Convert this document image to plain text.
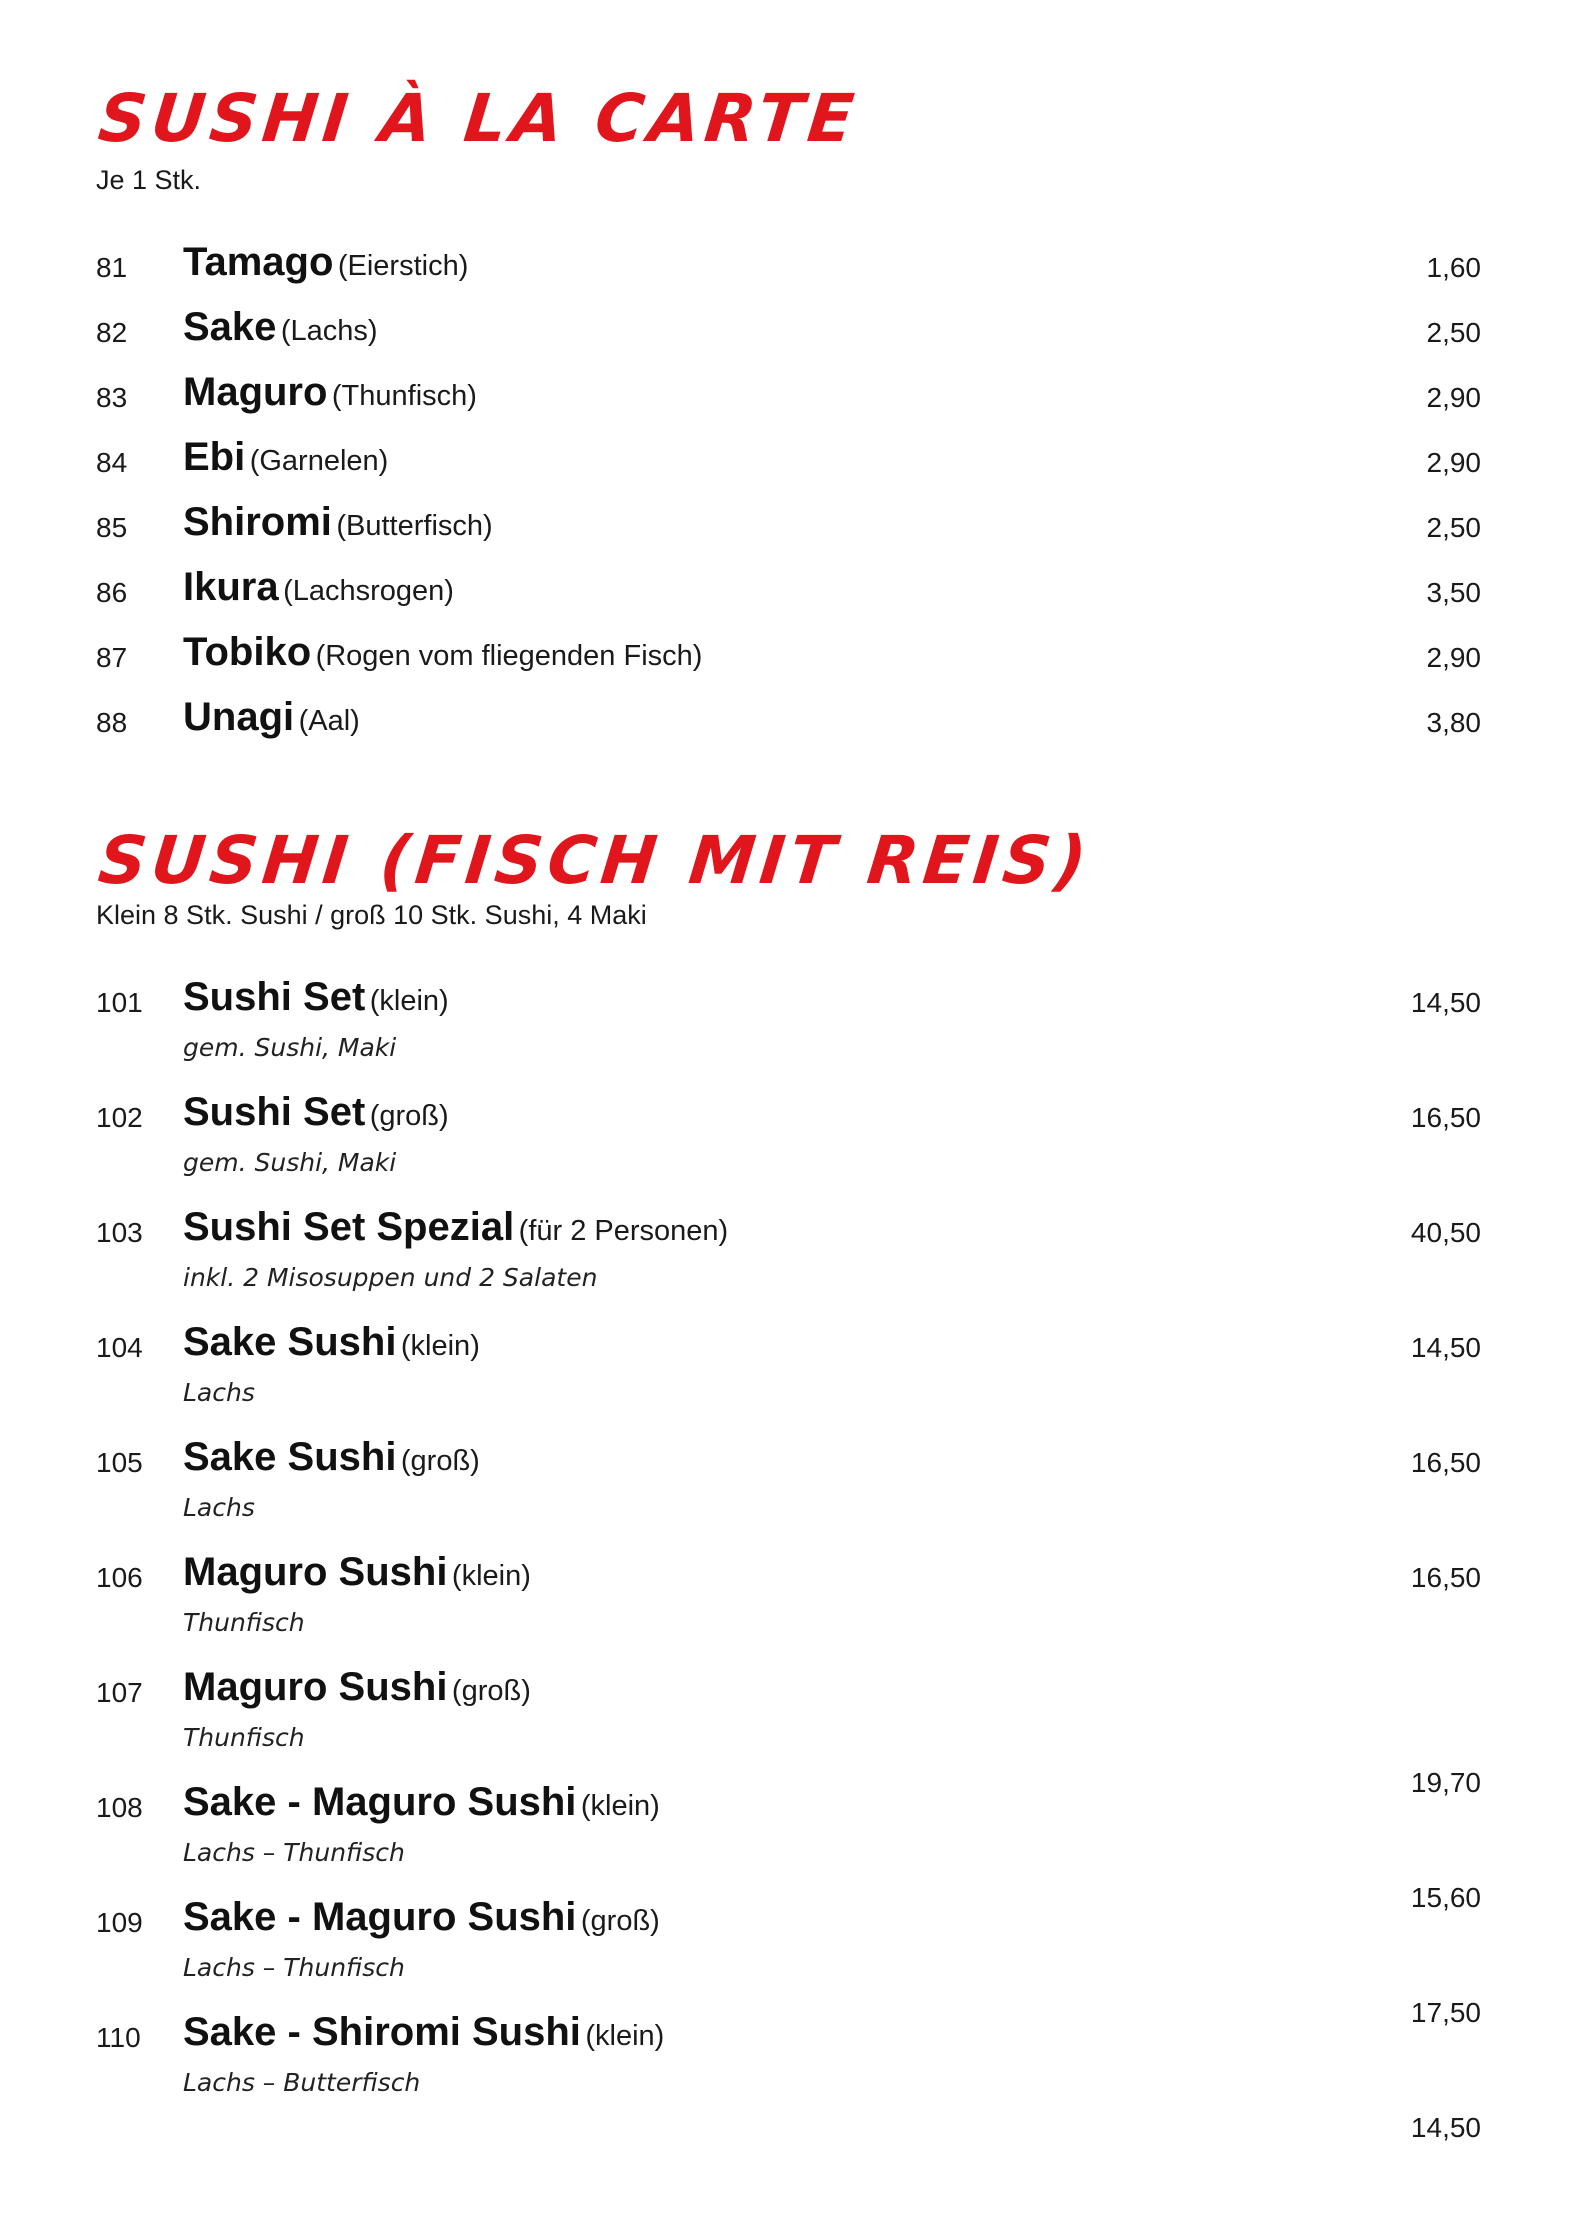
SUSHI À LA CARTE

Je 1 Stk.

81 Tamago (Eierstich)	1,60
82 Sake (Lachs)	2,50
83 Maguro (Thunfisch)	2,90
84 Ebi (Garnelen)	2,90
85 Shiromi (Butterfisch)	2,50
86 Ikura (Lachsrogen)	3,50
87 Tobiko (Rogen vom fliegenden Fisch)	2,90
88 Unagi (Aal)	3,80
SUSHI (FISCH MIT REIS)

Klein 8 Stk. Sushi / groß 10 Stk. Sushi, 4 Maki

101 Sushi Set (klein)
gem. Sushi, Maki
14,50
102 Sushi Set (groß)
gem. Sushi, Maki
16,50
103 Sushi Set Spezial (für 2 Personen)
inkl. 2 Misosuppen und 2 Salaten
40,50
104 Sake Sushi (klein)
Lachs
14,50
105 Sake Sushi (groß)
Lachs
16,50
106 Maguro Sushi (klein)
Thunfisch
16,50
107 Maguro Sushi (groß)
Thunfisch
19,70
108 Sake - Maguro Sushi (klein)
Lachs – Thunfisch
15,60
109 Sake - Maguro Sushi (groß)
Lachs – Thunfisch
17,50
110 Sake - Shiromi Sushi (klein)
Lachs – Butterfisch
14,50
